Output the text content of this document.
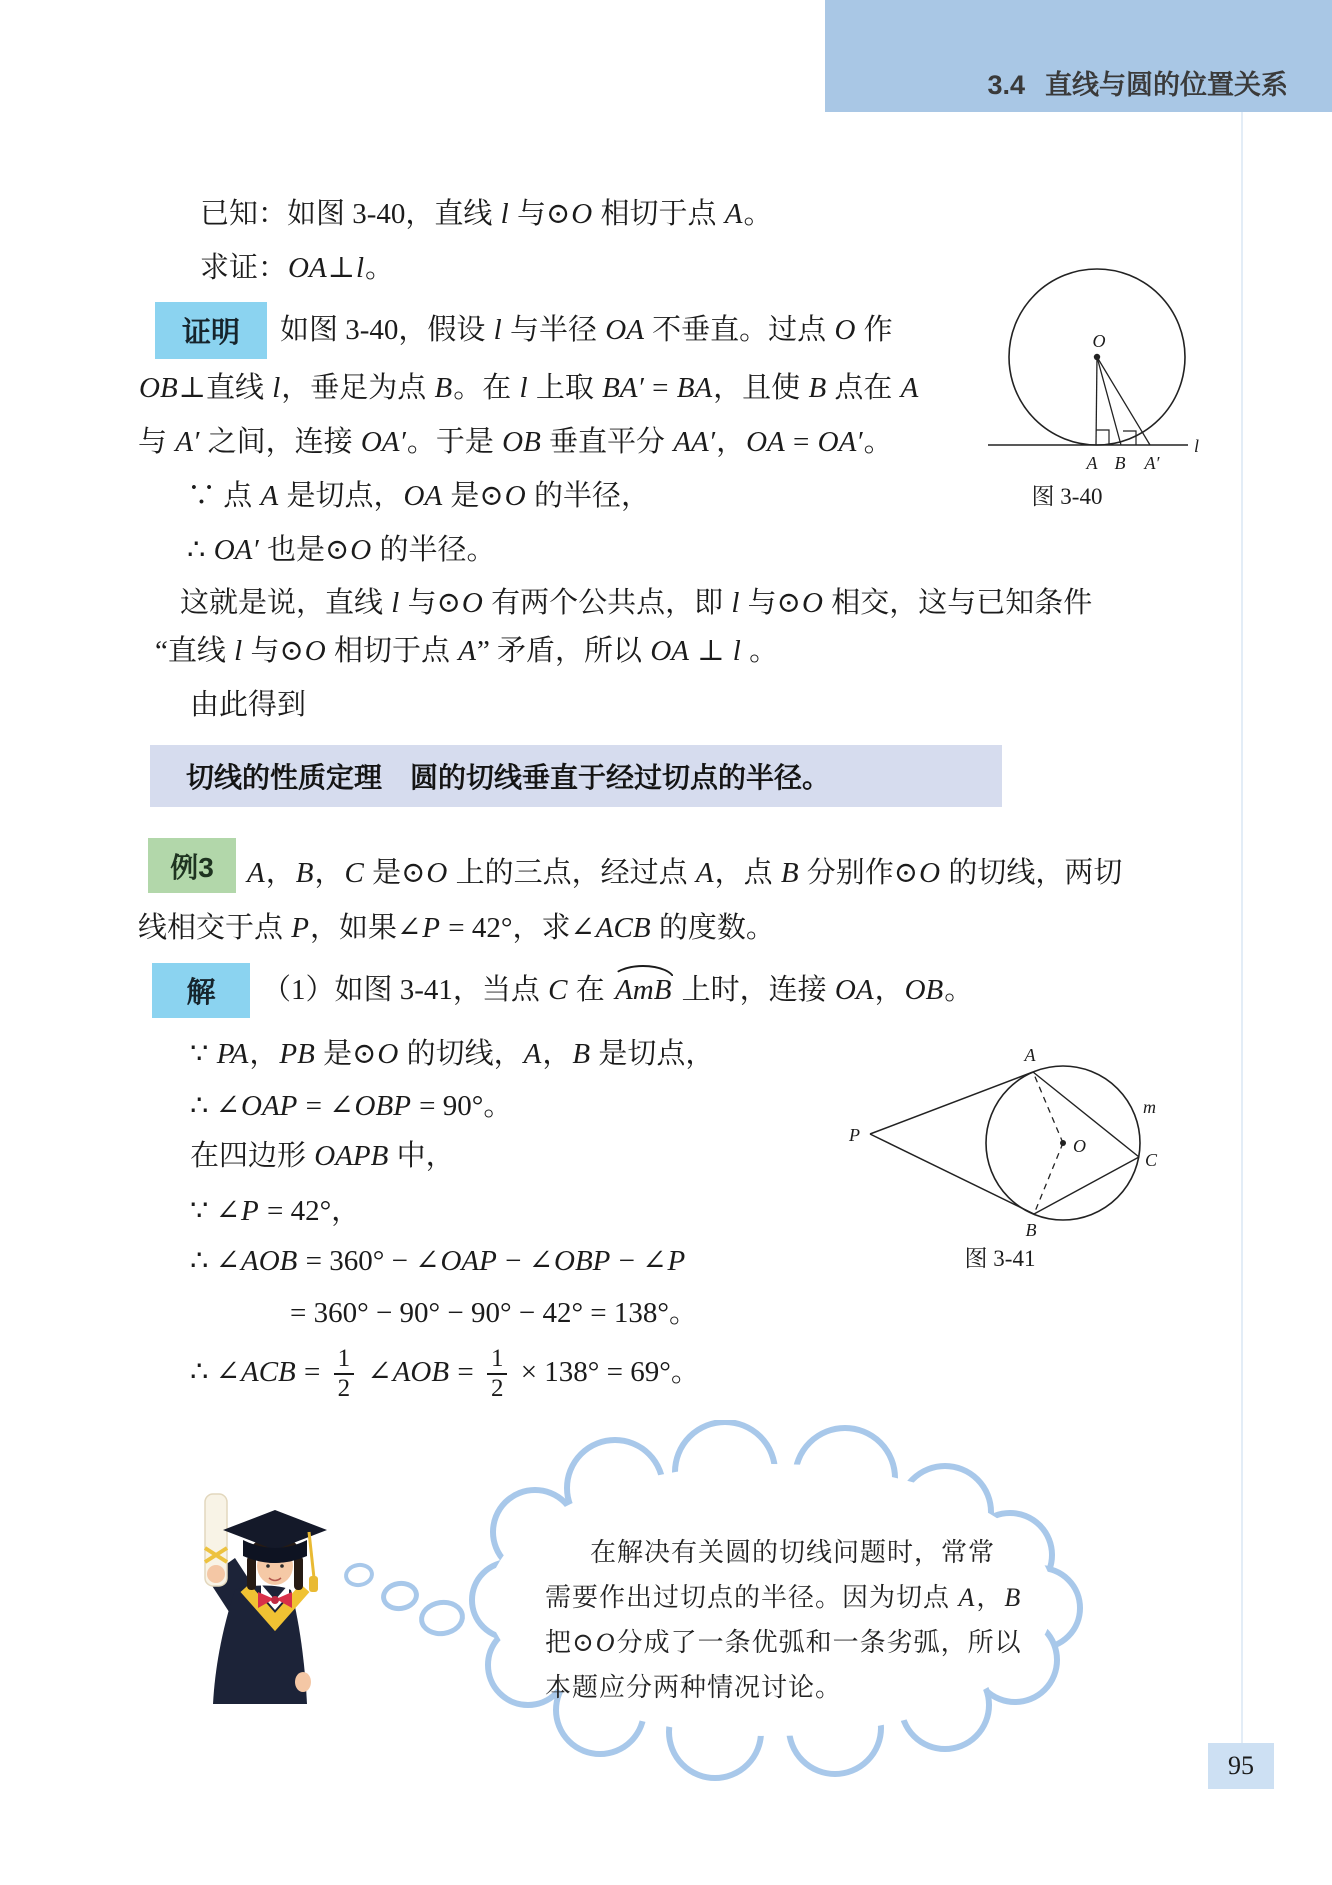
3.4 直线与圆的位置关系
证明
例3
解
切线的性质定理　圆的切线垂直于经过切点的半径。
O
A B A′
l
图 3-40
P
A
B
C
O
m
图 3-41
95
已知：如图 3-40，直线 l 与⊙O 相切于点 A。
求证：OA⊥l。
如图 3-40，假设 l 与半径 OA 不垂直。过点 O 作
OB⊥直线 l，垂足为点 B。在 l 上取 BA′ = BA，且使 B 点在 A
与 A′ 之间，连接 OA′。于是 OB 垂直平分 AA′，OA = OA′。
∵ 点 A 是切点，OA 是⊙O 的半径，
∴ OA′ 也是⊙O 的半径。
这就是说，直线 l 与⊙O 有两个公共点，即 l 与⊙O 相交，这与已知条件
“直线 l 与⊙O 相切于点 A” 矛盾，所以 OA ⊥ l 。
由此得到
A，B，C 是⊙O 上的三点，经过点 A，点 B 分别作⊙O 的切线，两切
线相交于点 P，如果∠P = 42°，求∠ACB 的度数。
（1）如图 3-41，当点 C 在 AmB 上时，连接 OA，OB。
∵ PA，PB 是⊙O 的切线，A，B 是切点，
∴ ∠OAP = ∠OBP = 90°。
在四边形 OAPB 中，
∵ ∠P = 42°，
∴ ∠AOB = 360° − ∠OAP − ∠OBP − ∠P
= 360° − 90° − 90° − 42° = 138°。
∴ ∠ACB = $\frac{1}{2}$ ∠AOB = $\frac{1}{2} \times 138^\circ = 69^\circ$。
在解决有关圆的切线问题时，常常
需要作出过切点的半径。因为切点 A，B
把⊙O分成了一条优弧和一条劣弧，所以
本题应分两种情况讨论。
